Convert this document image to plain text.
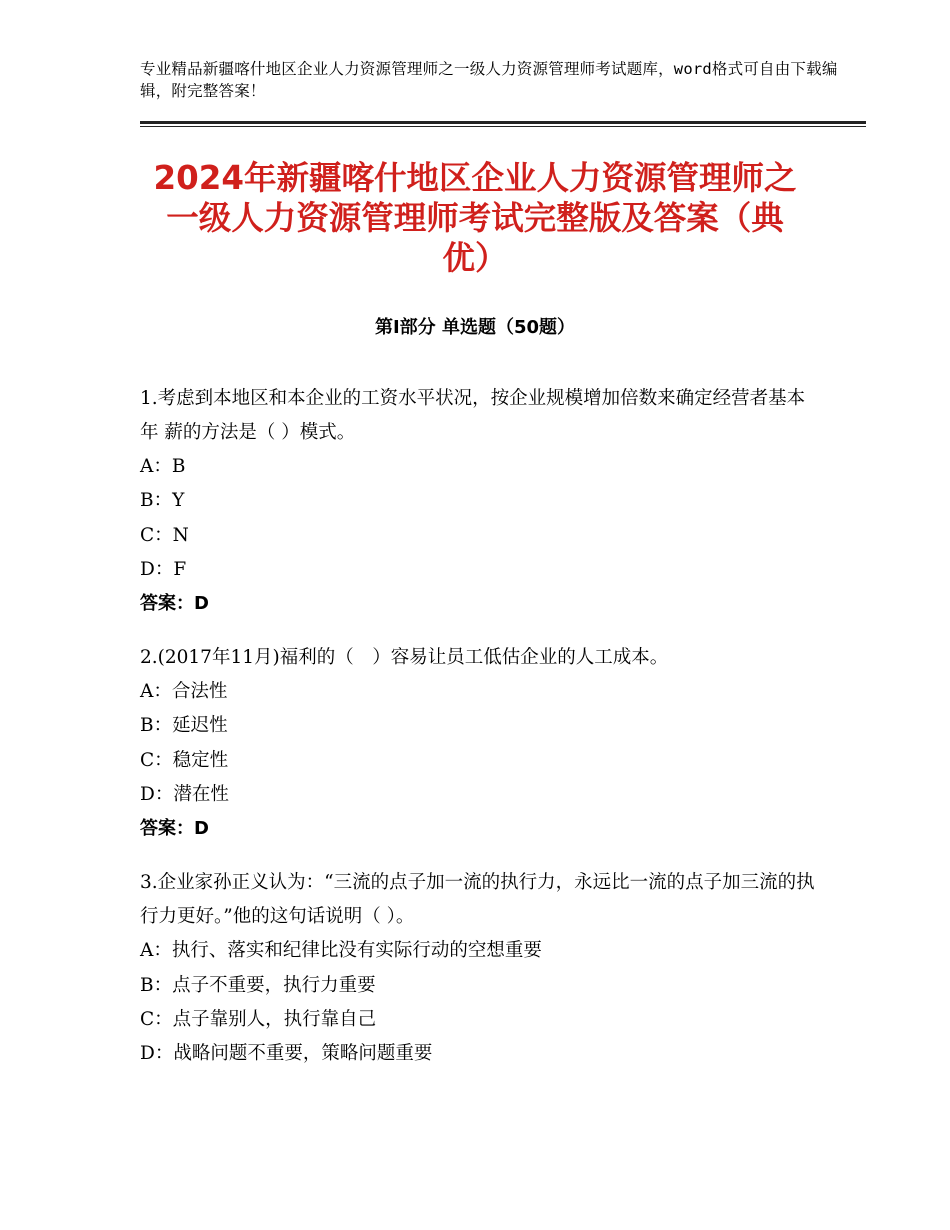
专业精品新疆喀什地区企业人力资源管理师之一级人力资源管理师考试题库，word格式可自由下载编辑，附完整答案！
2024年新疆喀什地区企业人力资源管理师之
一级人力资源管理师考试完整版及答案（典
优）
第Ⅰ部分 单选题（50题）

1.考虑到本地区和本企业的工资水平状况，按企业规模增加倍数来确定经营者基本年 薪的方法是（ ）模式。

A：B

B：Y

C：N

D：F

答案：D

2.(2017年11月)福利的（　）容易让员工低估企业的人工成本。

A：合法性

B：延迟性

C：稳定性

D：潜在性

答案：D

3.企业家孙正义认为：“三流的点子加一流的执行力，永远比一流的点子加三流的执行力更好。”他的这句话说明（ ）。

A：执行、落实和纪律比没有实际行动的空想重要

B：点子不重要，执行力重要

C：点子靠别人，执行靠自己

D：战略问题不重要，策略问题重要
